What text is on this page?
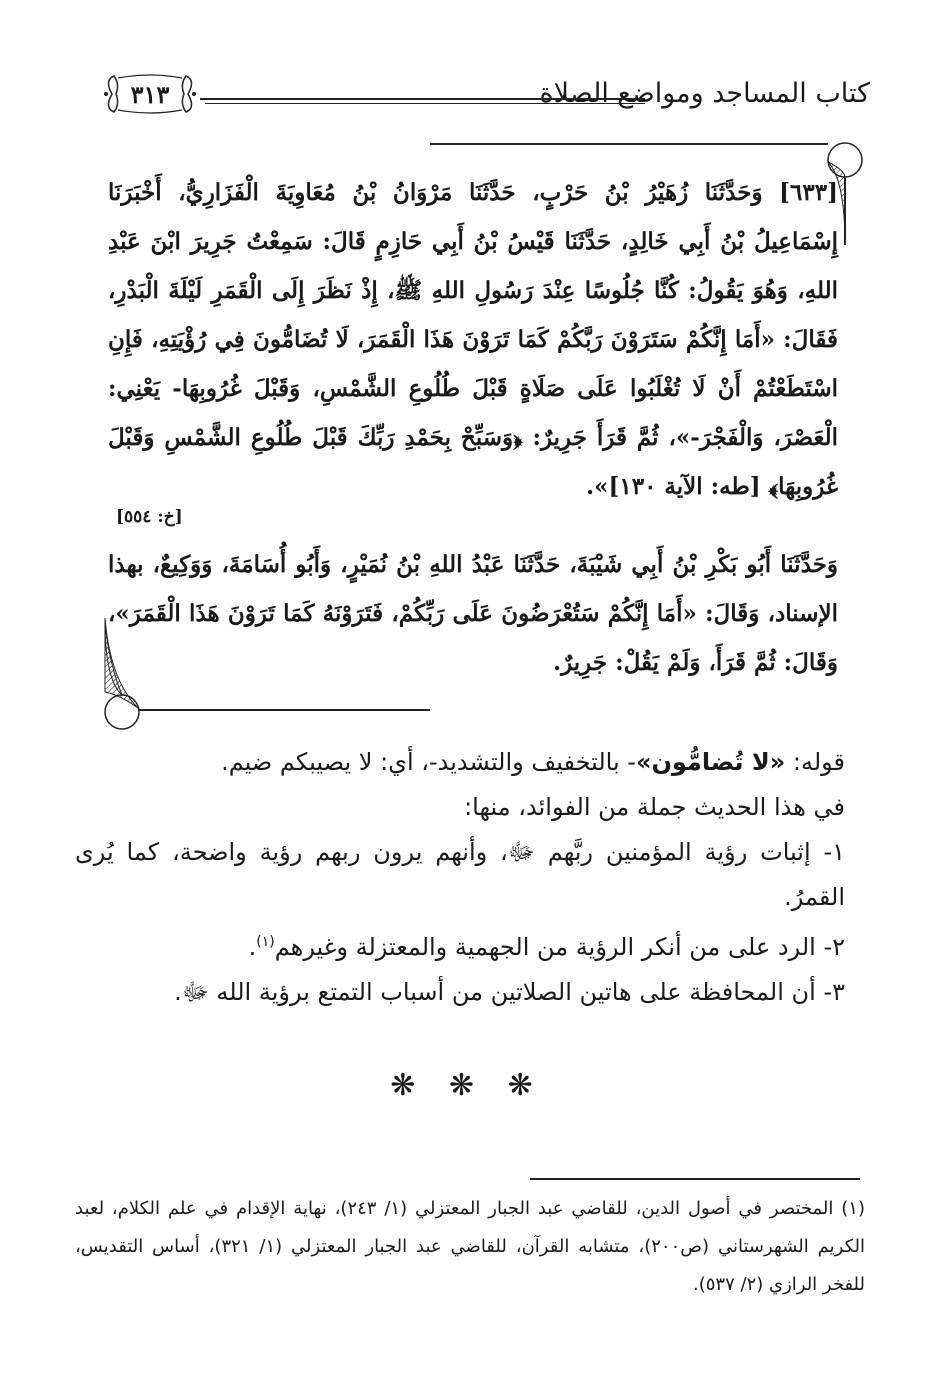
كتاب المساجد ومواضع الصلاة
٣١٣
[٦٣٣] وَحَدَّثَنَا زُهَيْرُ بْنُ حَرْبٍ، حَدَّثَنَا مَرْوَانُ بْنُ مُعَاوِيَةَ الْفَزَارِيُّ، أَخْبَرَنَا إِسْمَاعِيلُ بْنُ أَبِي خَالِدٍ، حَدَّثَنَا قَيْسُ بْنُ أَبِي حَازِمٍ قَالَ: سَمِعْتُ جَرِيرَ ابْنَ عَبْدِ اللهِ، وَهُوَ يَقُولُ: كُنَّا جُلُوسًا عِنْدَ رَسُولِ اللهِ ﷺ، إِذْ نَظَرَ إِلَى الْقَمَرِ لَيْلَةَ الْبَدْرِ، فَقَالَ: «أَمَا إِنَّكُمْ سَتَرَوْنَ رَبَّكُمْ كَمَا تَرَوْنَ هَذَا الْقَمَرَ، لَا تُضَامُّونَ فِي رُؤْيَتِهِ، فَإِنِ اسْتَطَعْتُمْ أَنْ لَا تُغْلَبُوا عَلَى صَلَاةٍ قَبْلَ طُلُوعِ الشَّمْسِ، وَقَبْلَ غُرُوبِهَا- يَعْنِي: الْعَصْرَ، وَالْفَجْرَ-»، ثُمَّ قَرَأَ جَرِيرٌ: ﴿وَسَبِّحْ بِحَمْدِ رَبِّكَ قَبْلَ طُلُوعِ الشَّمْسِ وَقَبْلَ غُرُوبِهَا﴾ [طه: الآية ١٣٠]».
[خ: ٥٥٤]
وَحَدَّثَنَا أَبُو بَكْرِ بْنُ أَبِي شَيْبَةَ، حَدَّثَنَا عَبْدُ اللهِ بْنُ نُمَيْرٍ، وَأَبُو أُسَامَةَ، وَوَكِيعٌ، بهذا الإسناد، وَقَالَ: «أَمَا إِنَّكُمْ سَتُعْرَضُونَ عَلَى رَبِّكُمْ، فَتَرَوْنَهُ كَمَا تَرَوْنَ هَذَا الْقَمَرَ»، وَقَالَ: ثُمَّ قَرَأَ، وَلَمْ يَقُلْ: جَرِيرٌ.

قوله: «لا تُضامُّون»- بالتخفيف والتشديد-، أي: لا يصيبكم ضيم.

في هذا الحديث جملة من الفوائد، منها:

١- إثبات رؤية المؤمنين ربَّهم ﷻ، وأنهم يرون ربهم رؤية واضحة، كما يُرى القمرُ.

٢- الرد على من أنكر الرؤية من الجهمية والمعتزلة وغيرهم$^{(١)}$.

٣- أن المحافظة على هاتين الصلاتين من أسباب التمتع برؤية الله ﷻ.

❋ ❋ ❋
(١) المختصر في أصول الدين، للقاضي عبد الجبار المعتزلي (١/ ٢٤٣)، نهاية الإقدام في علم الكلام، لعبد الكريم الشهرستاني (ص٢٠٠)، متشابه القرآن، للقاضي عبد الجبار المعتزلي (١/ ٣٢١)، أساس التقديس، للفخر الرازي (٢/ ٥٣٧).
